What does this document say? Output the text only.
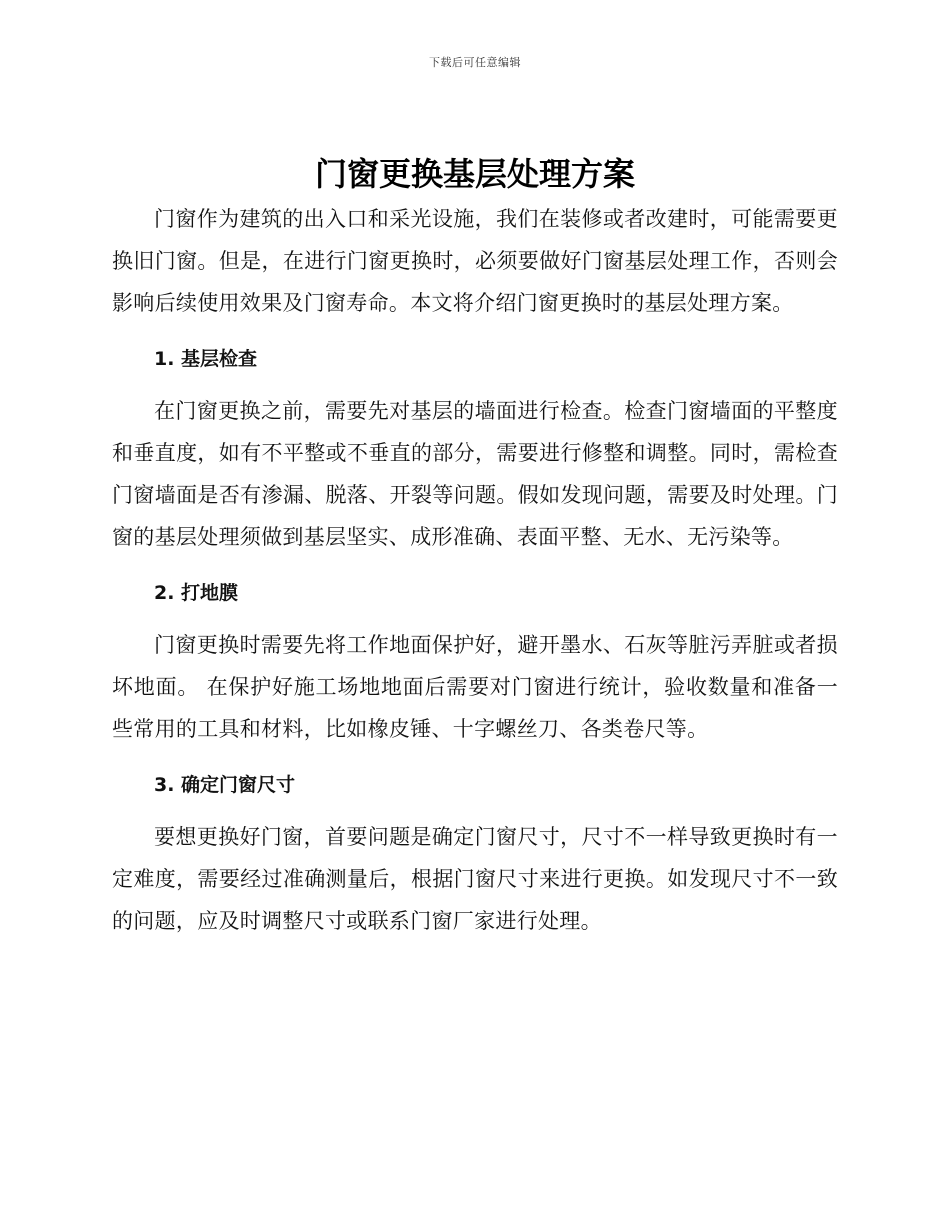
下载后可任意编辑
门窗更换基层处理方案

门窗作为建筑的出入口和采光设施，我们在装修或者改建时，可能需要更换旧门窗。但是，在进行门窗更换时，必须要做好门窗基层处理工作，否则会影响后续使用效果及门窗寿命。本文将介绍门窗更换时的基层处理方案。

1. 基层检查

在门窗更换之前，需要先对基层的墙面进行检查。检查门窗墙面的平整度和垂直度，如有不平整或不垂直的部分，需要进行修整和调整。同时，需检查门窗墙面是否有渗漏、脱落、开裂等问题。假如发现问题，需要及时处理。门窗的基层处理须做到基层坚实、成形准确、表面平整、无水、无污染等。

2. 打地膜

门窗更换时需要先将工作地面保护好，避开墨水、石灰等脏污弄脏或者损坏地面。 在保护好施工场地地面后需要对门窗进行统计，验收数量和准备一些常用的工具和材料，比如橡皮锤、十字螺丝刀、各类卷尺等。

3. 确定门窗尺寸

要想更换好门窗，首要问题是确定门窗尺寸，尺寸不一样导致更换时有一定难度，需要经过准确测量后，根据门窗尺寸来进行更换。如发现尺寸不一致的问题，应及时调整尺寸或联系门窗厂家进行处理。
